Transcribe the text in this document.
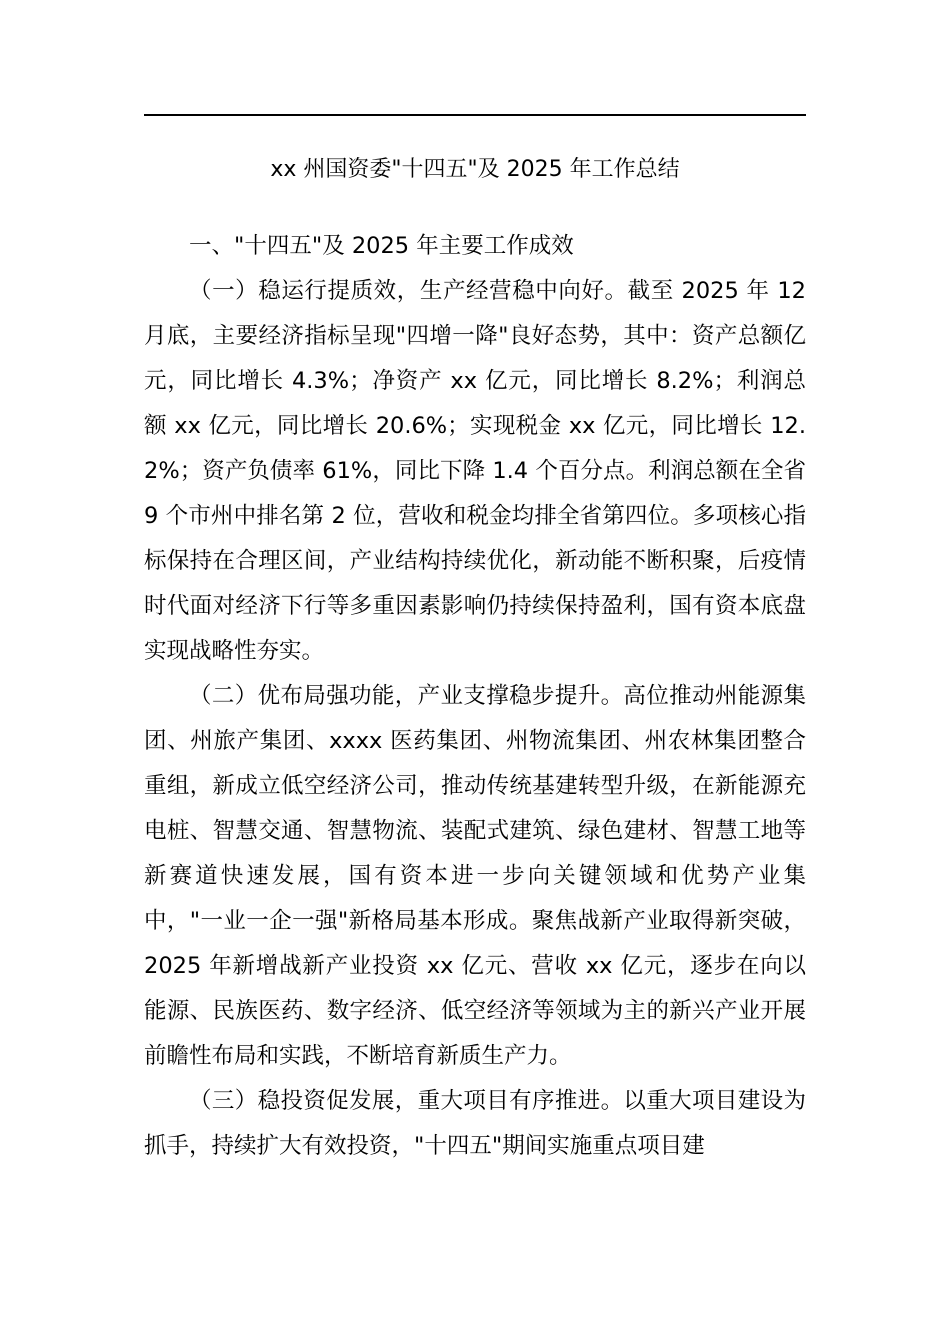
xx 州国资委"十四五"及 2025 年工作总结

一、"十四五"及 2025 年主要工作成效

（一）稳运行提质效，生产经营稳中向好。截至 2025 年 12 月底，主要经济指标呈现"四增一降"良好态势，其中：资产总额亿元，同比增长 4.3%；净资产 xx 亿元，同比增长 8.2%；利润总额 xx 亿元，同比增长 20.6%；实现税金 xx 亿元，同比增长 12.2%；资产负债率 61%，同比下降 1.4 个百分点。利润总额在全省 9 个市州中排名第 2 位，营收和税金均排全省第四位。多项核心指标保持在合理区间，产业结构持续优化，新动能不断积聚，后疫情时代面对经济下行等多重因素影响仍持续保持盈利，国有资本底盘实现战略性夯实。

（二）优布局强功能，产业支撑稳步提升。高位推动州能源集团、州旅产集团、xxxx 医药集团、州物流集团、州农林集团整合重组，新成立低空经济公司，推动传统基建转型升级，在新能源充电桩、智慧交通、智慧物流、装配式建筑、绿色建材、智慧工地等新赛道快速发展，国有资本进一步向关键领域和优势产业集中，"一业一企一强"新格局基本形成。聚焦战新产业取得新突破，2025 年新增战新产业投资 xx 亿元、营收 xx 亿元，逐步在向以能源、民族医药、数字经济、低空经济等领域为主的新兴产业开展前瞻性布局和实践，不断培育新质生产力。

（三）稳投资促发展，重大项目有序推进。以重大项目建设为抓手，持续扩大有效投资，"十四五"期间实施重点项目建
